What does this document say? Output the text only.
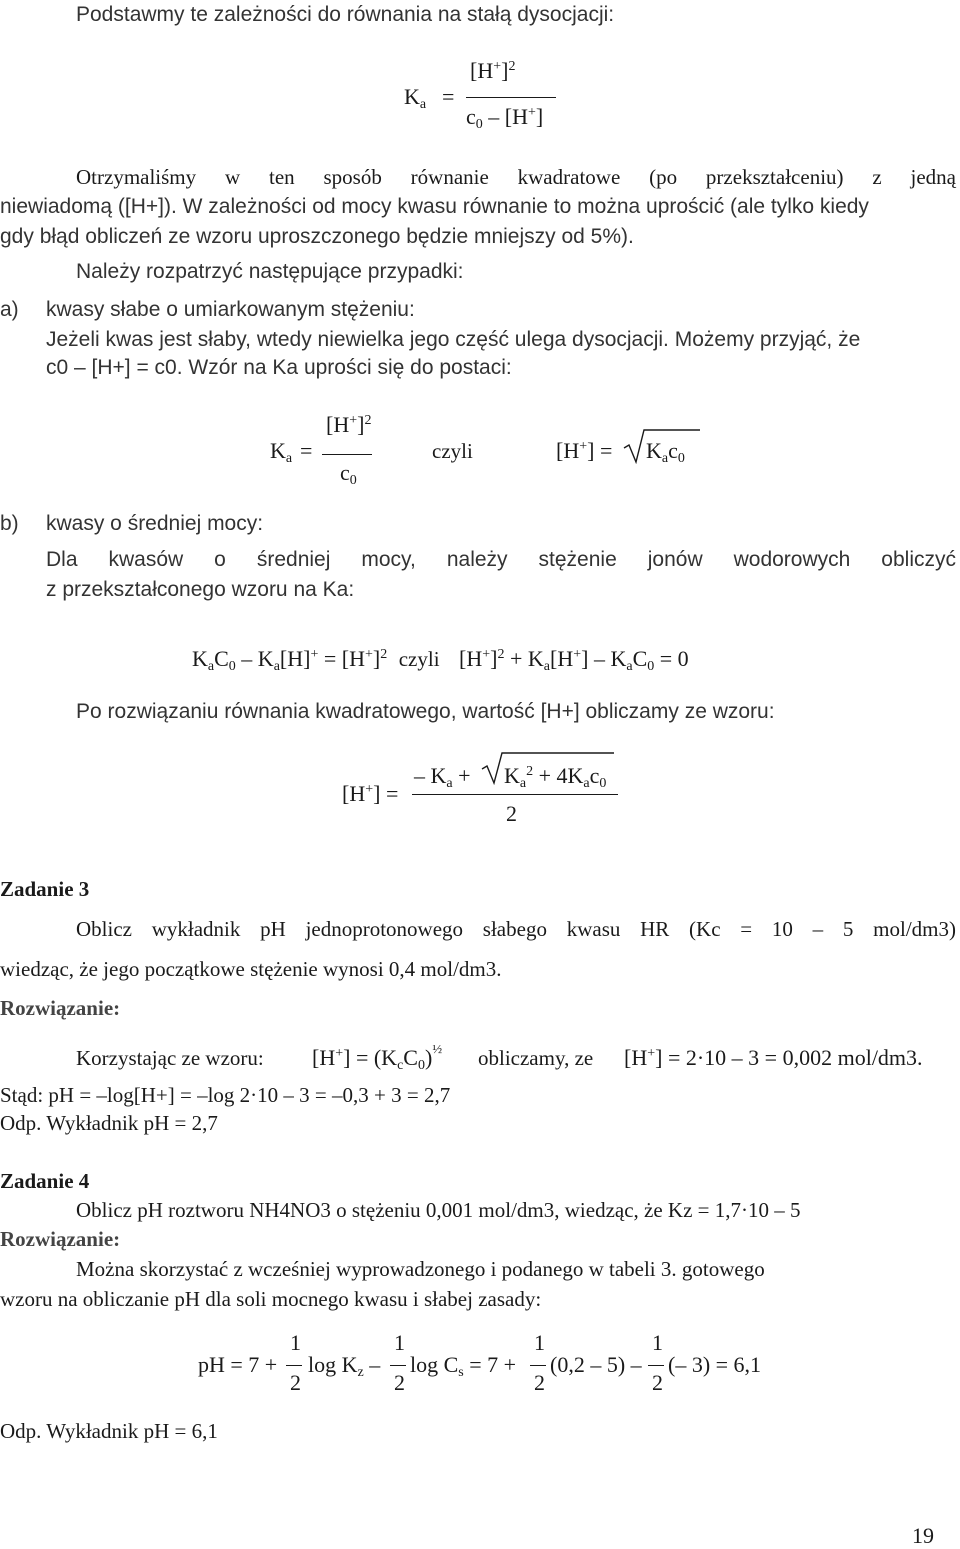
Podstawmy te zależności do równania na stałą dysocjacji:

$K_a$ =
$[H^+]^2$
$c_0 - [H^+]$

Otrzymaliśmy w ten sposób równanie kwadratowe (po przekształceniu) z jedną

niewiadomą ([H+]). W zależności od mocy kwasu równanie to można uprościć (ale tylko kiedy

gdy błąd obliczeń ze wzoru uproszczonego będzie mniejszy od 5%).

Należy rozpatrzyć następujące przypadki:

a) kwasy słabe o umiarkowanym stężeniu:

Jeżeli kwas jest słaby, wtedy niewielka jego część ulega dysocjacji. Możemy przyjąć, że

c0 – [H+] = c0. Wzór na Ka uprości się do postaci:

$K_a$ =
$[H^+]^2$
$c_0$
czyli	$[H^+] = K_ac_0$

b) kwasy o średniej mocy:

Dla kwasów o średniej mocy, należy stężenie jonów wodorowych obliczyć

z przekształconego wzoru na Ka:

$K_aC_0 - K_a[H]^+ = [H^+]^2$ czyli $[H^+]^2 + K_a[H^+] - K_aC_0 = 0$

Po rozwiązaniu równania kwadratowego, wartość [H+] obliczamy ze wzoru:

[H+] =
– $K_a + K_a^2 + 4K_ac_0$
2

Zadanie 3

Oblicz wykładnik pH jednoprotonowego słabego kwasu HR (Kc = 10 – 5 mol/dm3)

wiedząc, że jego początkowe stężenie wynosi 0,4 mol/dm3.

Rozwiązanie:

Korzystając ze wzoru: $[H^+] = (K_cC_0)^{\frac{1}{2}}$ obliczamy, ze [H+] = 2·10 – 3 = 0,002 mol/dm3.

Stąd: pH = –log[H+] = –log 2·10 – 3 = –0,3 + 3 = 2,7

Odp. Wykładnik pH = 2,7

Zadanie 4

Oblicz pH roztworu NH4NO3 o stężeniu 0,001 mol/dm3, wiedząc, że Kz = 1,7·10 – 5

Rozwiązanie:

Można skorzystać z wcześniej wyprowadzonego i podanego w tabeli 3. gotowego

wzoru na obliczanie pH dla soli mocnego kwasu i słabej zasady:

pH = 7 +
1
2
$\log K_z$ –
1
2
$\log C_s = 7$ +
1
2
(0,2 – 5) –
1
2
(– 3) = 6,1

Odp. Wykładnik pH = 6,1

19
